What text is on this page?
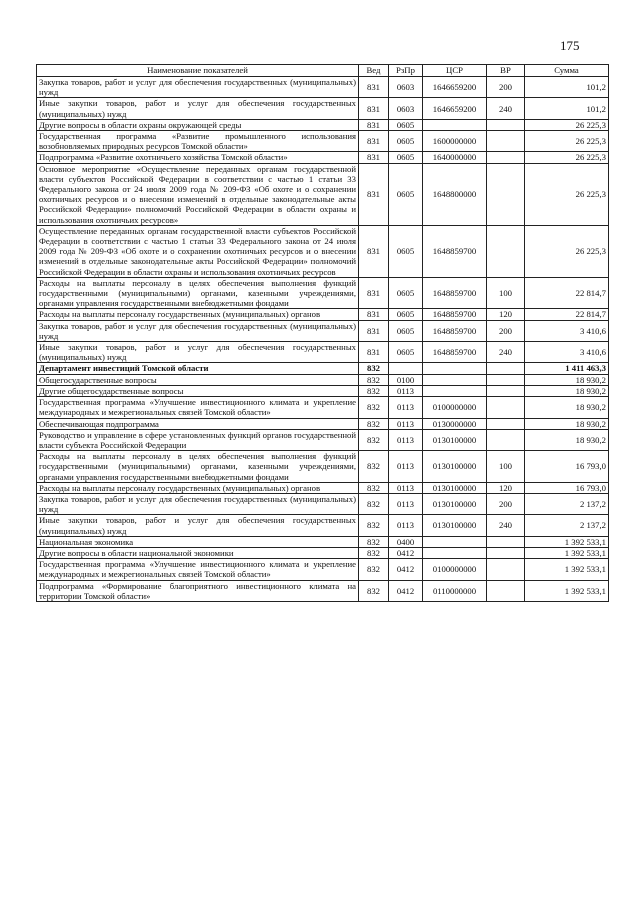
175
Наименование показателей	Вед	РзПр	ЦСР	ВР	Сумма
Закупка товаров, работ и услуг для обеспечения государственных (муниципальных) нужд	831	0603	1646659200	200	101,2
Иные закупки товаров, работ и услуг для обеспечения государственных (муниципальных) нужд	831	0603	1646659200	240	101,2
Другие вопросы в области охраны окружающей среды	831	0605			26 225,3
Государственная программа «Развитие промышленного использования возобновляемых природных ресурсов Томской области»	831	0605	1600000000		26 225,3
Подпрограмма «Развитие охотничьего хозяйства Томской области»	831	0605	1640000000		26 225,3
Основное мероприятие «Осуществление переданных органам государственной власти субъектов Российской Федерации в соответствии с частью 1 статьи 33 Федерального закона от 24 июля 2009 года № 209-ФЗ «Об охоте и о сохранении охотничьих ресурсов и о внесении изменений в отдельные законодательные акты Российской Федерации» полномочий Российской Федерации в области охраны и использования охотничьих ресурсов»	831	0605	1648800000		26 225,3
Осуществление переданных органам государственной власти субъектов Российской Федерации в соответствии с частью 1 статьи 33 Федерального закона от 24 июля 2009 года № 209-ФЗ «Об охоте и о сохранении охотничьих ресурсов и о внесении изменений в отдельные законодательные акты Российской Федерации» полномочий Российской Федерации в области охраны и использования охотничьих ресурсов	831	0605	1648859700		26 225,3
Расходы на выплаты персоналу в целях обеспечения выполнения функций государственными (муниципальными) органами, казенными учреждениями, органами управления государственными внебюджетными фондами	831	0605	1648859700	100	22 814,7
Расходы на выплаты персоналу государственных (муниципальных) органов	831	0605	1648859700	120	22 814,7
Закупка товаров, работ и услуг для обеспечения государственных (муниципальных) нужд	831	0605	1648859700	200	3 410,6
Иные закупки товаров, работ и услуг для обеспечения государственных (муниципальных) нужд	831	0605	1648859700	240	3 410,6
Департамент инвестиций Томской области	832				1 411 463,3
Общегосударственные вопросы	832	0100			18 930,2
Другие общегосударственные вопросы	832	0113			18 930,2
Государственная программа «Улучшение инвестиционного климата и укрепление международных и межрегиональных связей Томской области»	832	0113	0100000000		18 930,2
Обеспечивающая подпрограмма	832	0113	0130000000		18 930,2
Руководство и управление в сфере установленных функций органов государственной власти субъекта Российской Федерации	832	0113	0130100000		18 930,2
Расходы на выплаты персоналу в целях обеспечения выполнения функций государственными (муниципальными) органами, казенными учреждениями, органами управления государственными внебюджетными фондами	832	0113	0130100000	100	16 793,0
Расходы на выплаты персоналу государственных (муниципальных) органов	832	0113	0130100000	120	16 793,0
Закупка товаров, работ и услуг для обеспечения государственных (муниципальных) нужд	832	0113	0130100000	200	2 137,2
Иные закупки товаров, работ и услуг для обеспечения государственных (муниципальных) нужд	832	0113	0130100000	240	2 137,2
Национальная экономика	832	0400			1 392 533,1
Другие вопросы в области национальной экономики	832	0412			1 392 533,1
Государственная программа «Улучшение инвестиционного климата и укрепление международных и межрегиональных связей Томской области»	832	0412	0100000000		1 392 533,1
Подпрограмма «Формирование благоприятного инвестиционного климата на территории Томской области»	832	0412	0110000000		1 392 533,1
